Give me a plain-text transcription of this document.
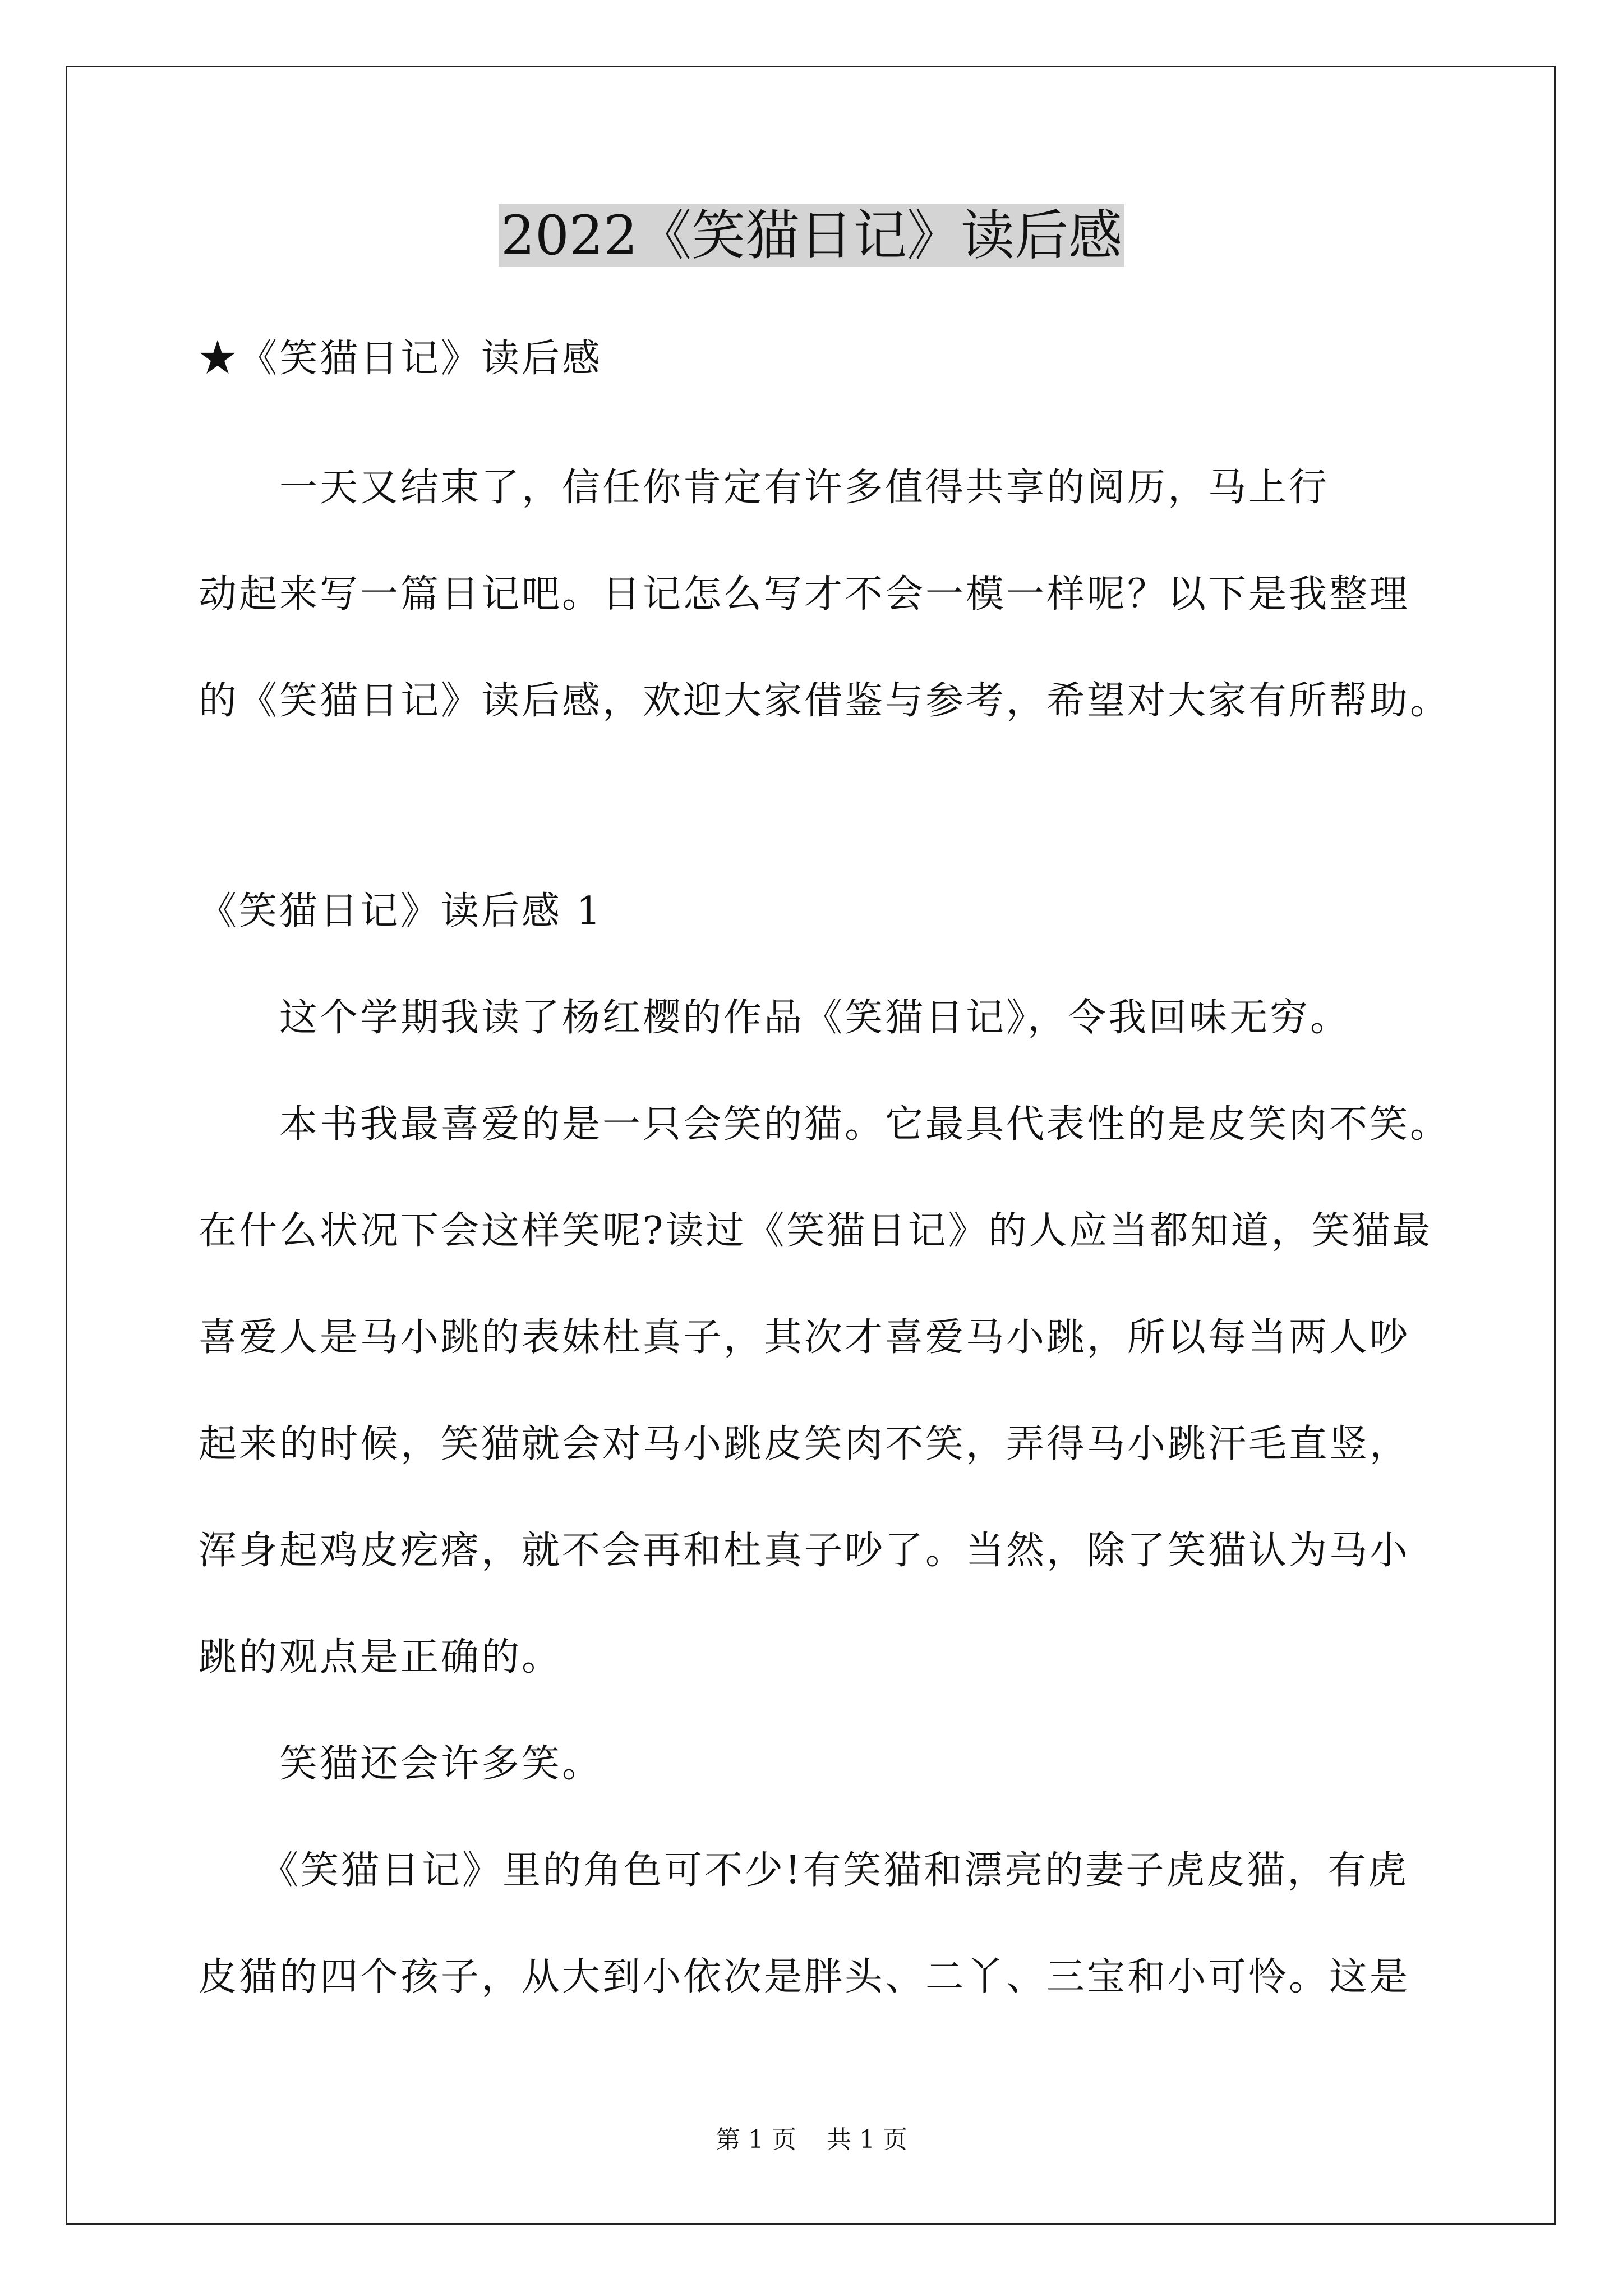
2022《笑猫日记》读后感
★《笑猫日记》读后感
　　一天又结束了，信任你肯定有许多值得共享的阅历，马上行
动起来写一篇日记吧。日记怎么写才不会一模一样呢？以下是我整理
的《笑猫日记》读后感，欢迎大家借鉴与参考，希望对大家有所帮助。
《笑猫日记》读后感 1
　　这个学期我读了杨红樱的作品《笑猫日记》，令我回味无穷。
　　本书我最喜爱的是一只会笑的猫。它最具代表性的是皮笑肉不笑。
在什么状况下会这样笑呢?读过《笑猫日记》的人应当都知道，笑猫最
喜爱人是马小跳的表妹杜真子，其次才喜爱马小跳，所以每当两人吵
起来的时候，笑猫就会对马小跳皮笑肉不笑，弄得马小跳汗毛直竖，
浑身起鸡皮疙瘩，就不会再和杜真子吵了。当然，除了笑猫认为马小
跳的观点是正确的。
　　笑猫还会许多笑。
　　《笑猫日记》里的角色可不少!有笑猫和漂亮的妻子虎皮猫，有虎
皮猫的四个孩子，从大到小依次是胖头、二丫、三宝和小可怜。这是
第 1 页 共 1 页
